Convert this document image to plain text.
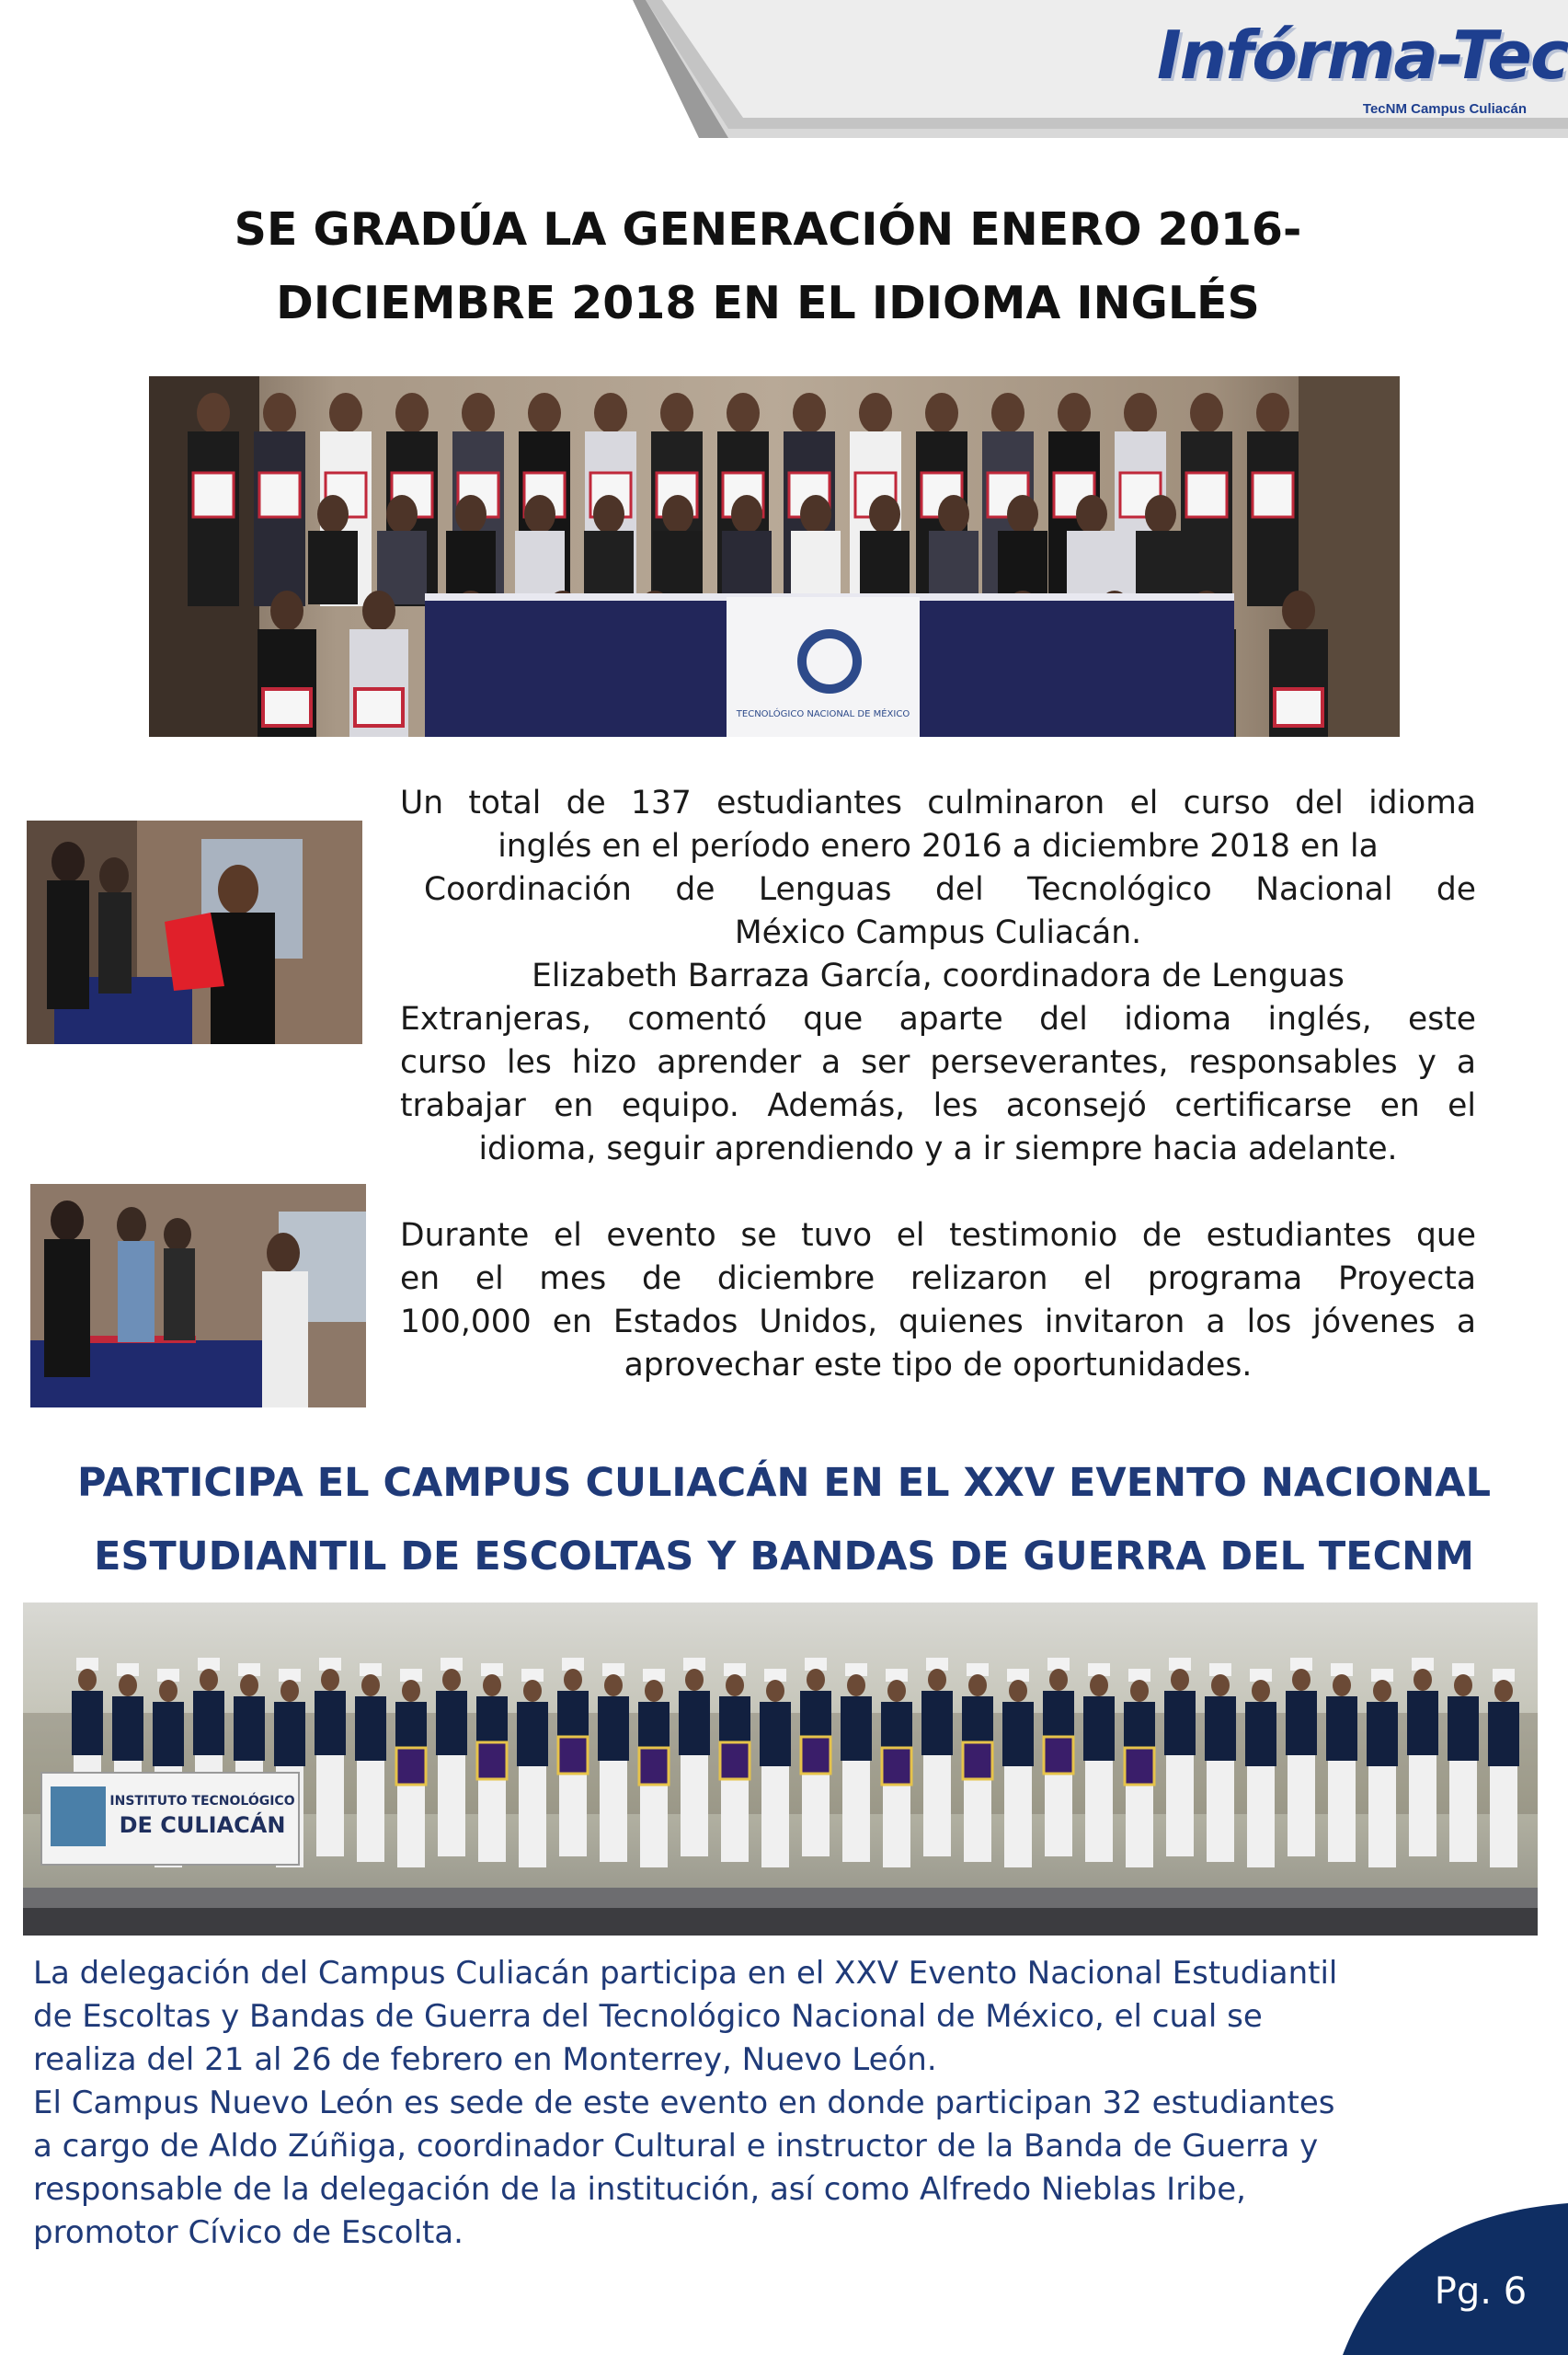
Infórma-Tec
TecNM Campus Culiacán
SE GRADÚA LA GENERACIÓN ENERO 2016-
DICIEMBRE 2018 EN EL IDIOMA INGLÉS
TECNOLÓGICO NACIONAL DE MÉXICO
Un total de 137 estudiantes culminaron el curso del idioma
inglés en el período enero 2016 a diciembre 2018 en la
Coordinación de Lenguas del Tecnológico Nacional de
México Campus Culiacán.
Elizabeth Barraza García, coordinadora de Lenguas
Extranjeras, comentó que aparte del idioma inglés, este
curso les hizo aprender a ser perseverantes, responsables y a
trabajar en equipo. Además, les aconsejó certificarse en el
idioma, seguir aprendiendo y a ir siempre hacia adelante.
Durante el evento se tuvo el testimonio de estudiantes que
en el mes de diciembre relizaron el programa Proyecta
100,000 en Estados Unidos, quienes invitaron a los jóvenes a
aprovechar este tipo de oportunidades.
PARTICIPA EL CAMPUS CULIACÁN EN EL XXV EVENTO NACIONAL
ESTUDIANTIL DE ESCOLTAS Y BANDAS DE GUERRA DEL TECNM
INSTITUTO TECNOLÓGICO
DE CULIACÁN
La delegación del Campus Culiacán participa en el XXV Evento Nacional Estudiantil
de Escoltas y Bandas de Guerra del Tecnológico Nacional de México, el cual se
realiza del 21 al 26 de febrero en Monterrey, Nuevo León.
El Campus Nuevo León es sede de este evento en donde participan 32 estudiantes
a cargo de Aldo Zúñiga, coordinador Cultural e instructor de la Banda de Guerra y
responsable de la delegación de la institución, así como Alfredo Nieblas Iribe,
promotor Cívico de Escolta.
Pg. 6
